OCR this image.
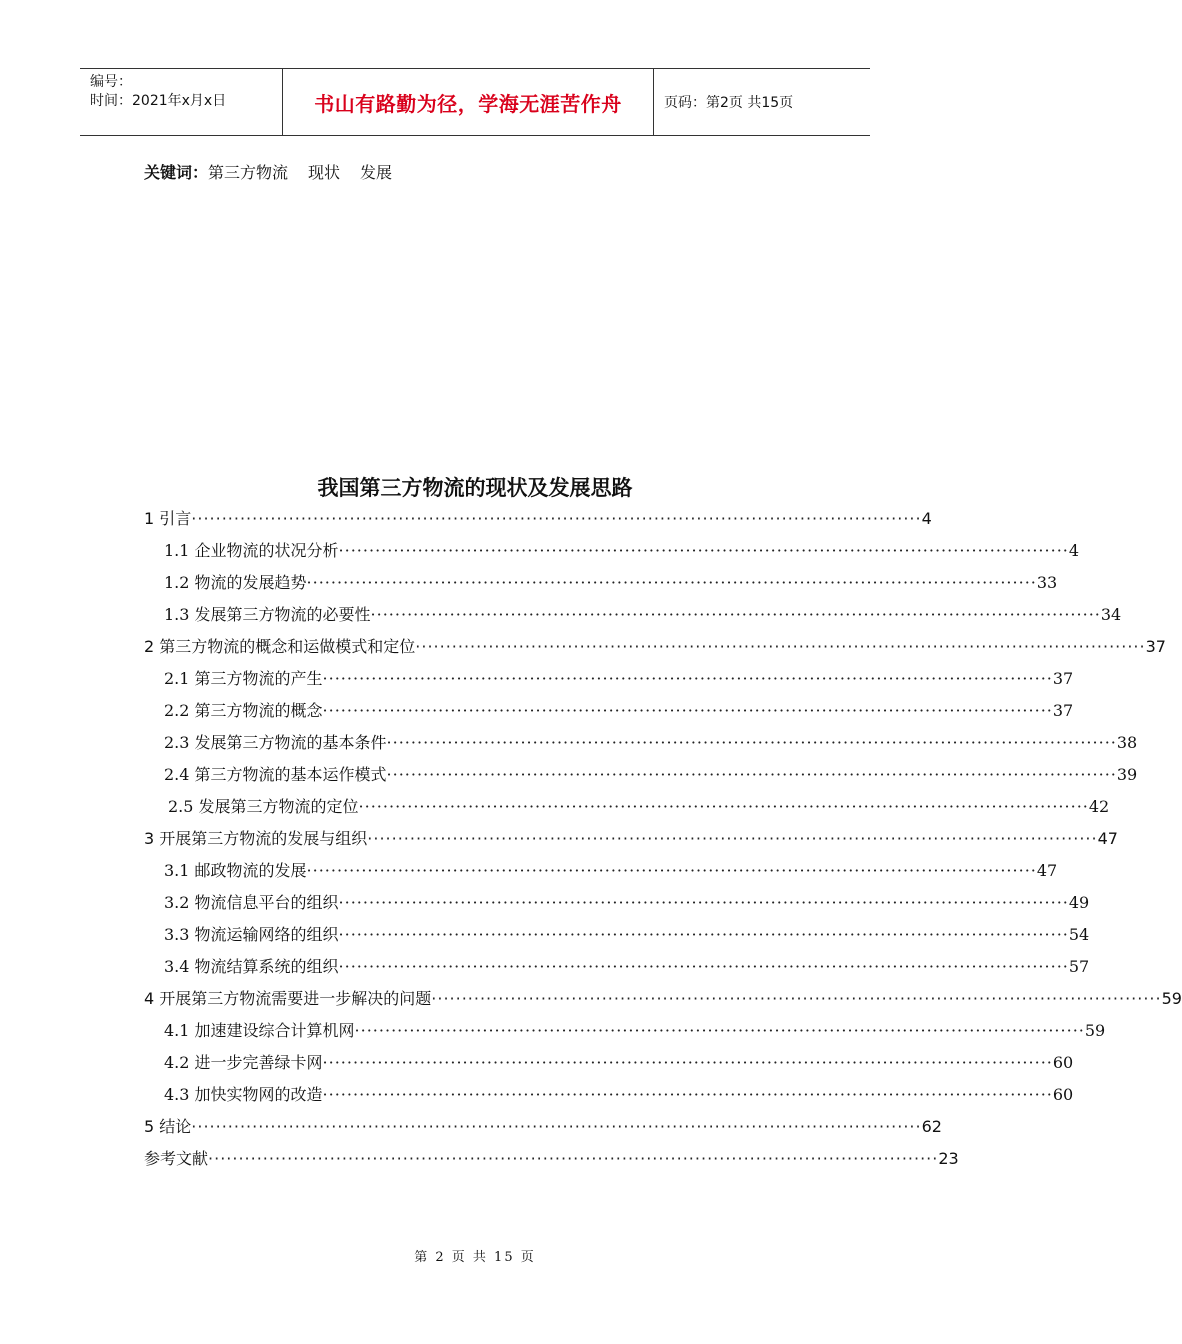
编号：
时间：2021年x月x日	书山有路勤为径，学海无涯苦作舟	页码：第2页 共15页
关键词：第三方物流 现状 发展
我国第三方物流的现状及发展思路
1 引言 ························································································································ 4
1.1 企业物流的状况分析 ························································································································ 4
1.2 物流的发展趋势 ························································································································ 33
1.3 发展第三方物流的必要性 ························································································································ 34
2 第三方物流的概念和运做模式和定位 ························································································································ 37
2.1 第三方物流的产生 ························································································································ 37
2.2 第三方物流的概念 ························································································································ 37
2.3 发展第三方物流的基本条件 ························································································································ 38
2.4 第三方物流的基本运作模式 ························································································································ 39
2.5 发展第三方物流的定位 ························································································································ 42
3 开展第三方物流的发展与组织 ························································································································ 47
3.1 邮政物流的发展 ························································································································ 47
3.2 物流信息平台的组织 ························································································································ 49
3.3 物流运输网络的组织 ························································································································ 54
3.4 物流结算系统的组织 ························································································································ 57
4 开展第三方物流需要进一步解决的问题 ························································································································ 59
4.1 加速建设综合计算机网 ························································································································ 59
4.2 进一步完善绿卡网 ························································································································ 60
4.3 加快实物网的改造 ························································································································ 60
5 结论 ························································································································ 62
参考文献 ························································································································ 23
第 2 页 共 15 页
